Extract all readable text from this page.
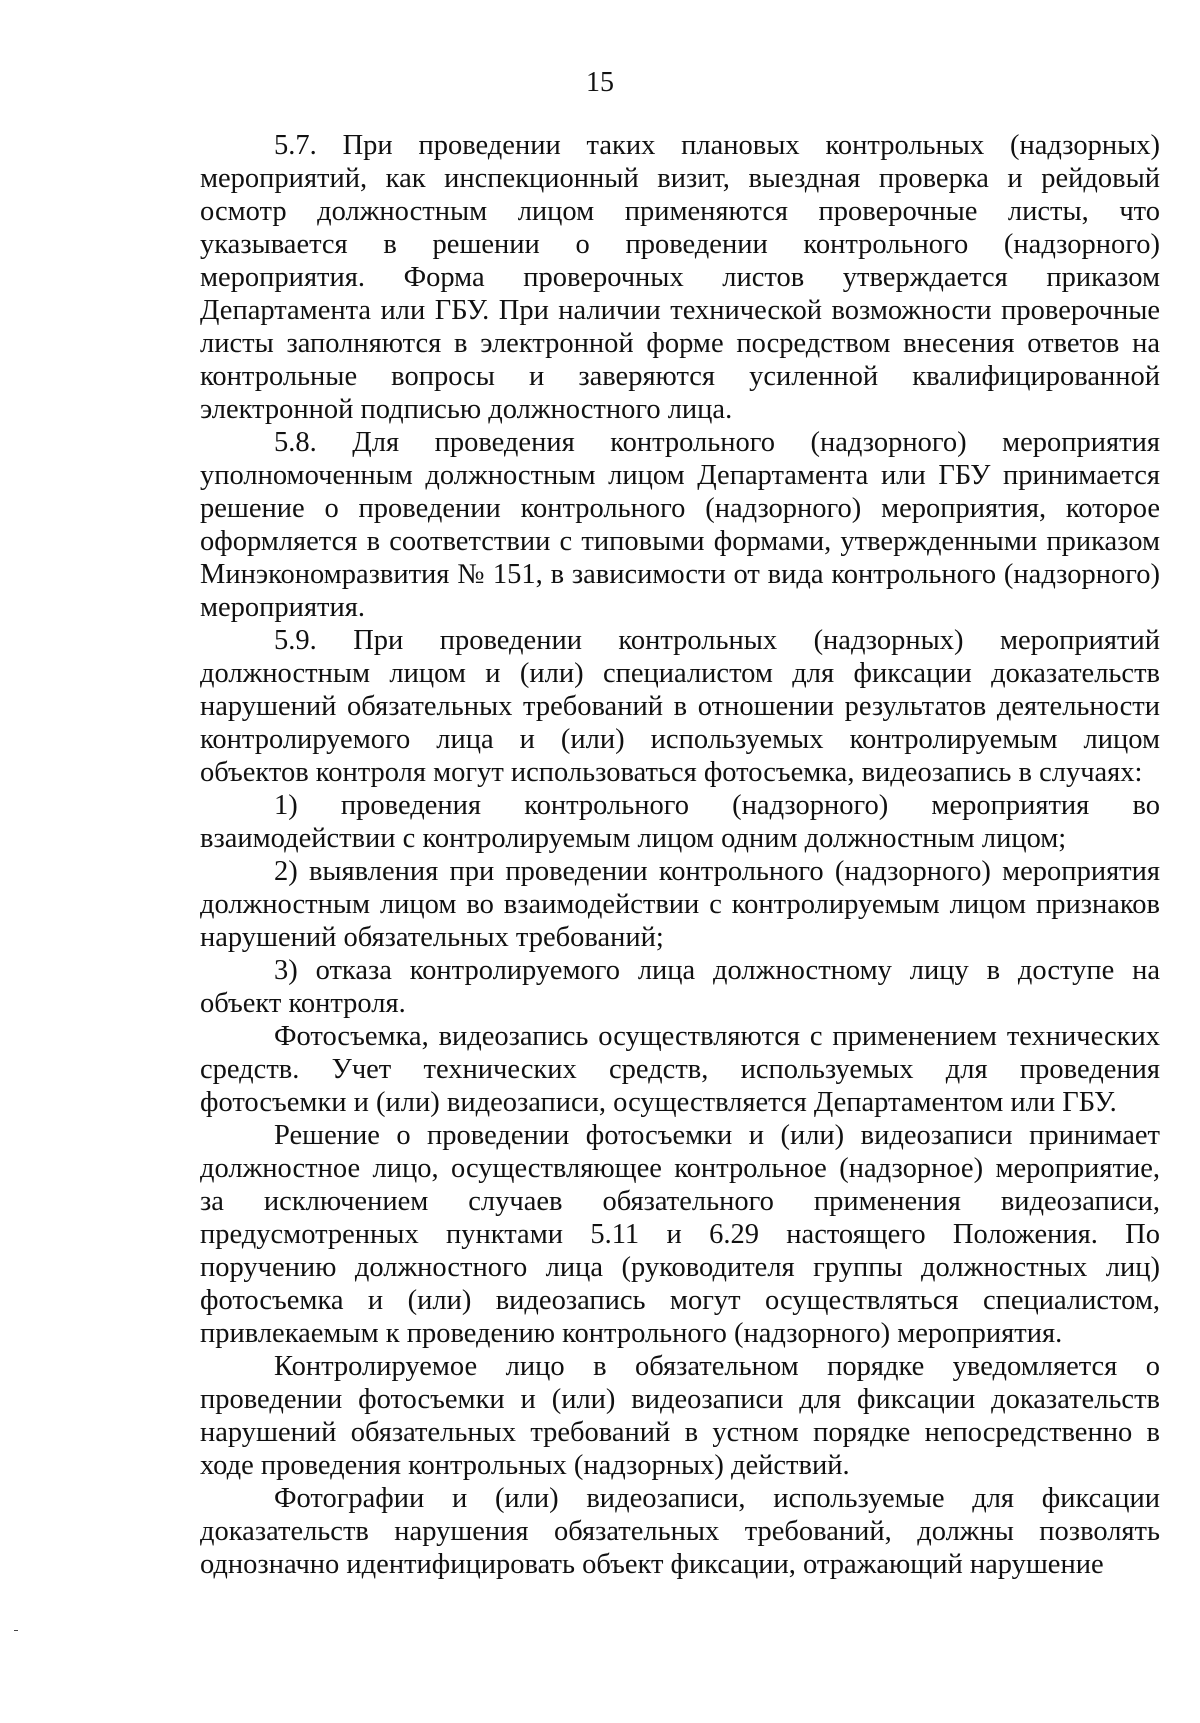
15

5.7. При проведении таких плановых контрольных (надзорных) мероприятий, как инспекционный визит, выездная проверка и рейдовый осмотр должностным лицом применяются проверочные листы, что указывается в решении о проведении контрольного (надзорного) мероприятия. Форма проверочных листов утверждается приказом Департамента или ГБУ. При наличии технической возможности проверочные листы заполняются в электронной форме посредством внесения ответов на контрольные вопросы и заверяются усиленной квалифицированной электронной подписью должностного лица.

5.8. Для проведения контрольного (надзорного) мероприятия уполномоченным должностным лицом Департамента или ГБУ принимается решение о проведении контрольного (надзорного) мероприятия, которое оформляется в соответствии с типовыми формами, утвержденными приказом Минэкономразвития № 151, в зависимости от вида контрольного (надзорного) мероприятия.

5.9. При проведении контрольных (надзорных) мероприятий должностным лицом и (или) специалистом для фиксации доказательств нарушений обязательных требований в отношении результатов деятельности контролируемого лица и (или) используемых контролируемым лицом объектов контроля могут использоваться фотосъемка, видеозапись в случаях:

1) проведения контрольного (надзорного) мероприятия во взаимодействии с контролируемым лицом одним должностным лицом;

2) выявления при проведении контрольного (надзорного) мероприятия должностным лицом во взаимодействии с контролируемым лицом признаков нарушений обязательных требований;

3) отказа контролируемого лица должностному лицу в доступе на объект контроля.

Фотосъемка, видеозапись осуществляются с применением технических средств. Учет технических средств, используемых для проведения фотосъемки и (или) видеозаписи, осуществляется Департаментом или ГБУ.

Решение о проведении фотосъемки и (или) видеозаписи принимает должностное лицо, осуществляющее контрольное (надзорное) мероприятие, за исключением случаев обязательного применения видеозаписи, предусмотренных пунктами 5.11 и 6.29 настоящего Положения. По поручению должностного лица (руководителя группы должностных лиц) фотосъемка и (или) видеозапись могут осуществляться специалистом, привлекаемым к проведению контрольного (надзорного) мероприятия.

Контролируемое лицо в обязательном порядке уведомляется о проведении фотосъемки и (или) видеозаписи для фиксации доказательств нарушений обязательных требований в устном порядке непосредственно в ходе проведения контрольных (надзорных) действий.

Фотографии и (или) видеозаписи, используемые для фиксации доказательств нарушения обязательных требований, должны позволять однозначно идентифицировать объект фиксации, отражающий нарушение
